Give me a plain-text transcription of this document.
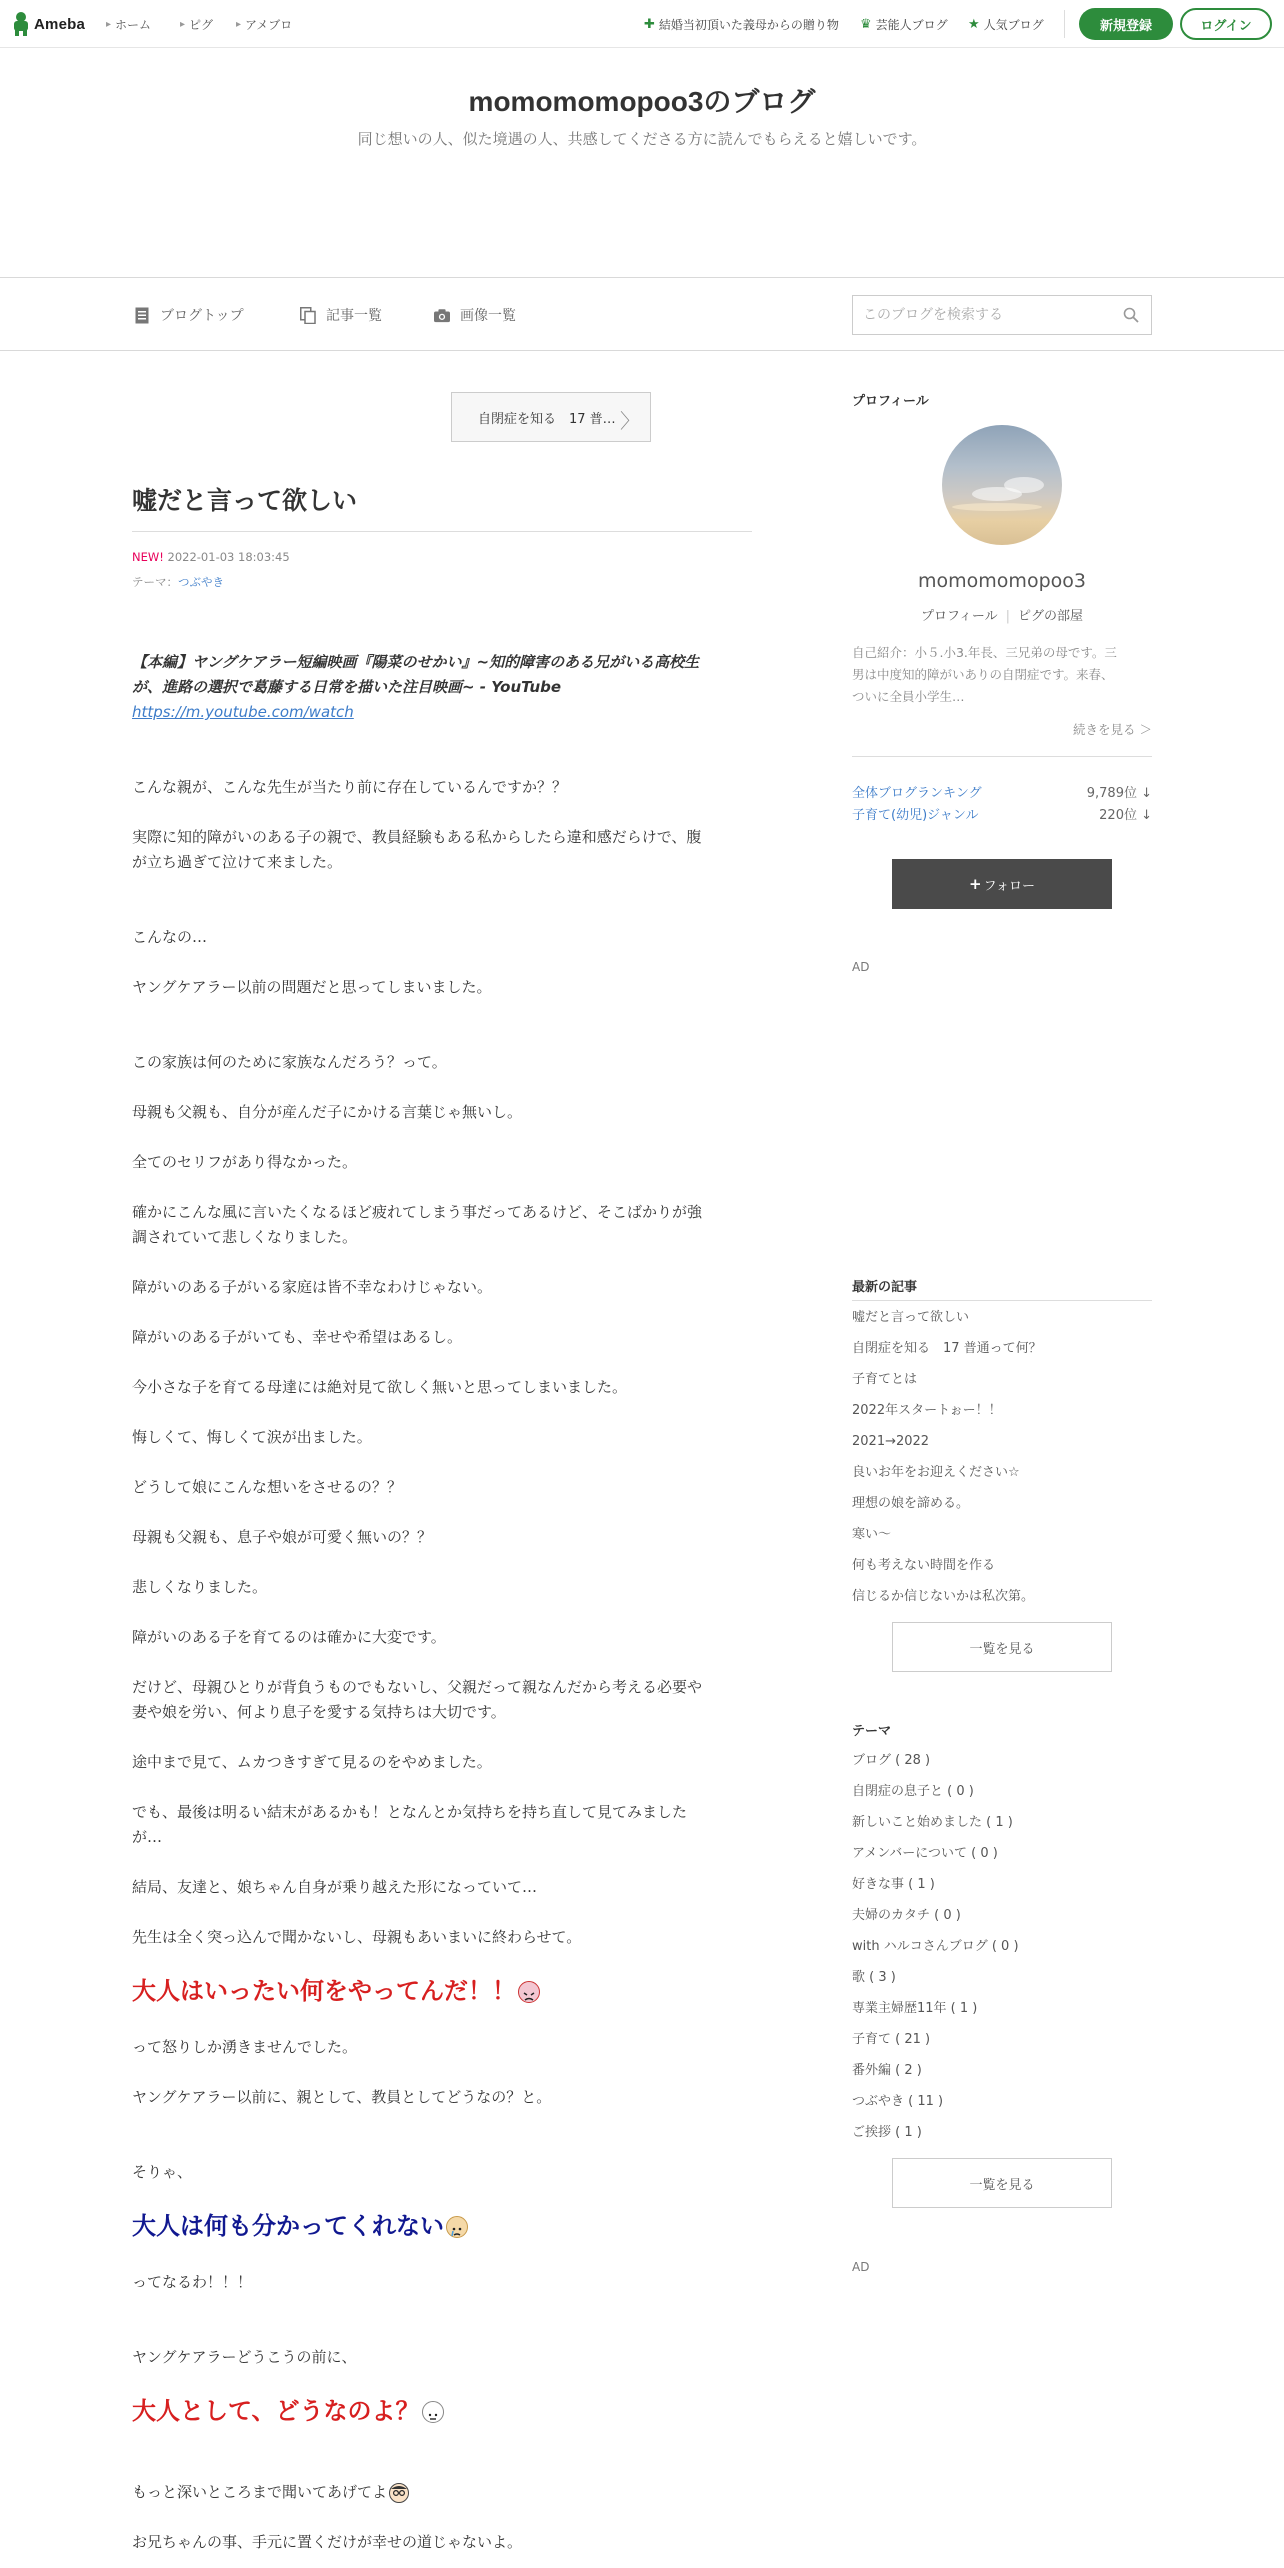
Ameba ▸ ホーム	▸ ピグ ▸ アメブロ	✚ 結婚当初頂いた義母からの贈り物 ♛ 芸能人ブログ ★ 人気ブログ	新規登録	ログイン
momomomopoo3のブログ
同じ想いの人、似た境遇の人、共感してくださる方に読んでもらえると嬉しいです。
ブログトップ	記事一覧	画像一覧
このブログを検索する
自閉症を知る　17 普… 〉
嘘だと言って欲しい
NEW! 2022-01-03 18:03:45
テーマ：つぶやき
【本編】ヤングケアラー短編映画『陽菜のせかい』~知的障害のある兄がいる高校生
が、進路の選択で葛藤する日常を描いた注目映画~ - YouTube
https://m.youtube.com/watch

こんな親が、こんな先生が当たり前に存在しているんですか？？

実際に知的障がいのある子の親で、教員経験もある私からしたら違和感だらけで、腹
が立ち過ぎて泣けて来ました。

こんなの…

ヤングケアラー以前の問題だと思ってしまいました。

この家族は何のために家族なんだろう？って。

母親も父親も、自分が産んだ子にかける言葉じゃ無いし。

全てのセリフがあり得なかった。

確かにこんな風に言いたくなるほど疲れてしまう事だってあるけど、そこばかりが強
調されていて悲しくなりました。

障がいのある子がいる家庭は皆不幸なわけじゃない。

障がいのある子がいても、幸せや希望はあるし。

今小さな子を育てる母達には絶対見て欲しく無いと思ってしまいました。

悔しくて、悔しくて涙が出ました。

どうして娘にこんな想いをさせるの？？

母親も父親も、息子や娘が可愛く無いの？？

悲しくなりました。

障がいのある子を育てるのは確かに大変です。

だけど、母親ひとりが背負うものでもないし、父親だって親なんだから考える必要や
妻や娘を労い、何より息子を愛する気持ちは大切です。

途中まで見て、ムカつきすぎて見るのをやめました。

でも、最後は明るい結末があるかも！となんとか気持ちを持ち直して見てみました
が…

結局、友達と、娘ちゃん自身が乗り越えた形になっていて…

先生は全く突っ込んで聞かないし、母親もあいまいに終わらせて。

大人はいったい何をやってんだ！！

って怒りしか湧きませんでした。

ヤングケアラー以前に、親として、教員としてどうなの？と。

そりゃ、

大人は何も分かってくれない

ってなるわ！！！

ヤングケアラーどうこうの前に、

大人として、どうなのよ？
もっと深いところまで聞いてあげてよ

お兄ちゃんの事、手元に置くだけが幸せの道じゃないよ。

プロフィール
momomomopoo3
プロフィール | ピグの部屋
自己紹介：小５.小3.年長、三兄弟の母です。三
男は中度知的障がいありの自閉症です。来春、
ついに全員小学生…
続きを見る ＞
全体ブログランキング	9,789位 ↓
子育て(幼児)ジャンル	220位 ↓
+ フォロー
AD
最新の記事
嘘だと言って欲しい
自閉症を知る　17 普通って何？
子育てとは
2022年スタートぉー！！
2021→2022
良いお年をお迎えください☆
理想の娘を諦める。
寒い〜
何も考えない時間を作る
信じるか信じないかは私次第。
一覧を見る
テーマ
ブログ ( 28 )
自閉症の息子と ( 0 )
新しいこと始めました ( 1 )
アメンバーについて ( 0 )
好きな事 ( 1 )
夫婦のカタチ ( 0 )
with ハルコさんブログ ( 0 )
歌 ( 3 )
専業主婦歴11年 ( 1 )
子育て ( 21 )
番外編 ( 2 )
つぶやき ( 11 )
ご挨拶 ( 1 )
一覧を見る
AD
